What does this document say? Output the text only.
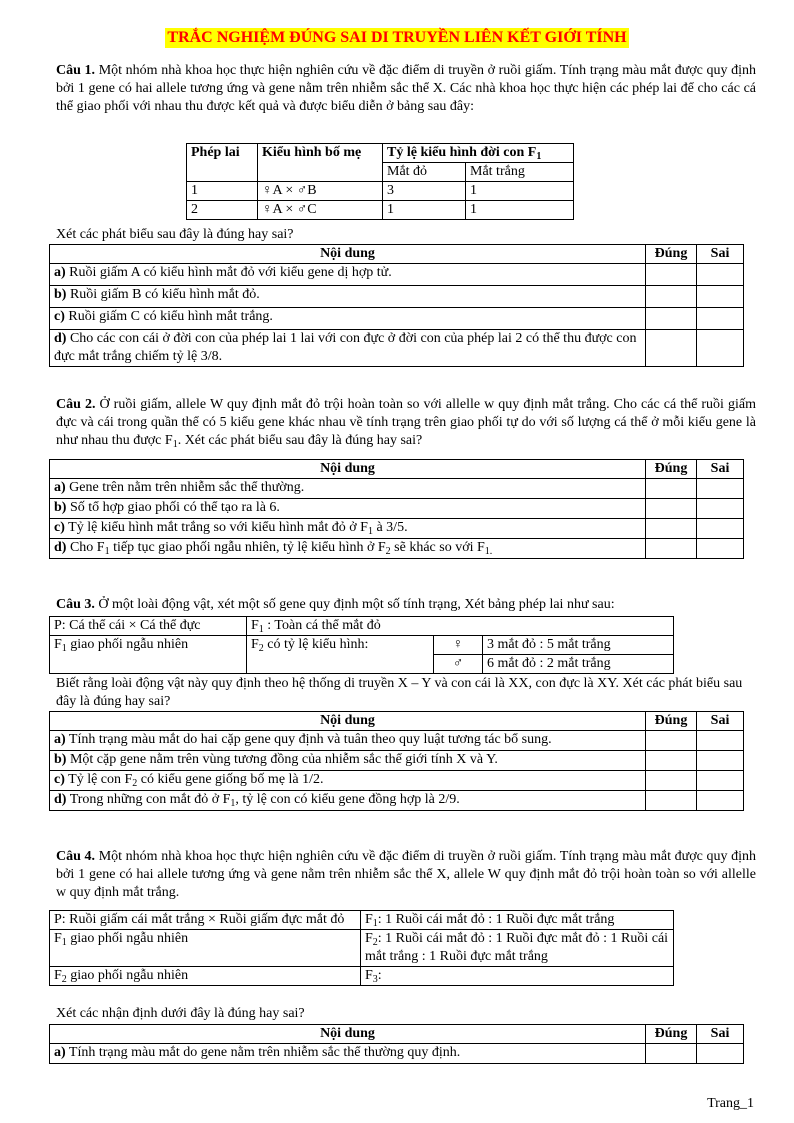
TRẮC NGHIỆM ĐÚNG SAI DI TRUYỀN LIÊN KẾT GIỚI TÍNH
Câu 1. Một nhóm nhà khoa học thực hiện nghiên cứu về đặc điểm di truyền ở ruồi giấm. Tính trạng màu mắt được quy định bởi 1 gene có hai allele tương ứng và gene nằm trên nhiễm sắc thể X. Các nhà khoa học thực hiện các phép lai để cho các cá thể giao phối với nhau thu được kết quả và được biểu diễn ở bảng sau đây:
Phép lai	Kiểu hình bố mẹ	Tỷ lệ kiểu hình đời con $F_1$
		Mắt đỏ	Mắt trắng
1	♀A × ♂B	3	1
2	♀A × ♂C	1	1
Xét các phát biểu sau đây là đúng hay sai?
Nội dung	Đúng	Sai
a) Ruồi giấm A có kiểu hình mắt đỏ với kiểu gene dị hợp tử.		
b) Ruồi giấm B có kiểu hình mắt đỏ.		
c) Ruồi giấm C có kiểu hình mắt trắng.		
d) Cho các con cái ở đời con của phép lai 1 lai với con đực ở đời con của phép lai 2 có thể thu được con đực mắt trắng chiếm tỷ lệ 3/8.		
Câu 2. Ở ruồi giấm, allele W quy định mắt đỏ trội hoàn toàn so với allelle w quy định mắt trắng. Cho các cá thể ruồi giấm đực và cái trong quần thể có 5 kiểu gene khác nhau về tính trạng trên giao phối tự do với số lượng cá thể ở mỗi kiểu gene là như nhau thu được $F_1$. Xét các phát biểu sau đây là đúng hay sai?
Nội dung	Đúng	Sai
a) Gene trên nằm trên nhiễm sắc thể thường.		
b) Số tổ hợp giao phối có thể tạo ra là 6.		
c) Tỷ lệ kiểu hình mắt trắng so với kiểu hình mắt đỏ ở $F_1$ à 3/5.		
d) Cho $F_1$ tiếp tục giao phối ngẫu nhiên, tỷ lệ kiểu hình ở $F_2$ sẽ khác so với $F_{1.}$		
Câu 3. Ở một loài động vật, xét một số gene quy định một số tính trạng, Xét bảng phép lai như sau:
P: Cá thể cái × Cá thể đực	$F_1$ : Toàn cá thể mắt đỏ		
$F_1$ giao phối ngẫu nhiên	$F_2$ có tỷ lệ kiểu hình:	♀	3 mắt đỏ : 5 mắt trắng
		♂	6 mắt đỏ : 2 mắt trắng
Biết rằng loài động vật này quy định theo hệ thống di truyền X – Y và con cái là XX, con đực là XY. Xét các phát biểu sau đây là đúng hay sai?
Nội dung	Đúng	Sai
a) Tính trạng màu mắt do hai cặp gene quy định và tuân theo quy luật tương tác bổ sung.		
b) Một cặp gene nằm trên vùng tương đồng của nhiễm sắc thể giới tính X và Y.		
c) Tỷ lệ con $F_2$ có kiểu gene giống bố mẹ là 1/2.		
d) Trong những con mắt đỏ ở $F_1$, tỷ lệ con có kiểu gene đồng hợp là 2/9.		
Câu 4. Một nhóm nhà khoa học thực hiện nghiên cứu về đặc điểm di truyền ở ruồi giấm. Tính trạng màu mắt được quy định bởi 1 gene có hai allele tương ứng và gene nằm trên nhiễm sắc thể X, allele W quy định mắt đỏ trội hoàn toàn so với allelle w quy định mắt trắng.
P: Ruồi giấm cái mắt trắng × Ruồi giấm đực mắt đỏ	$F_1$: 1 Ruồi cái mắt đỏ : 1 Ruồi đực mắt trắng
$F_1$ giao phối ngẫu nhiên	$F_2$: 1 Ruồi cái mắt đỏ : 1 Ruồi đực mắt đỏ : 1 Ruồi cái mắt trắng : 1 Ruồi đực mắt trắng
$F_2$ giao phối ngẫu nhiên	$F_3$:
Xét các nhận định dưới đây là đúng hay sai?
Nội dung	Đúng	Sai
a) Tính trạng màu mắt do gene nằm trên nhiễm sắc thể thường quy định.		
Trang_1
